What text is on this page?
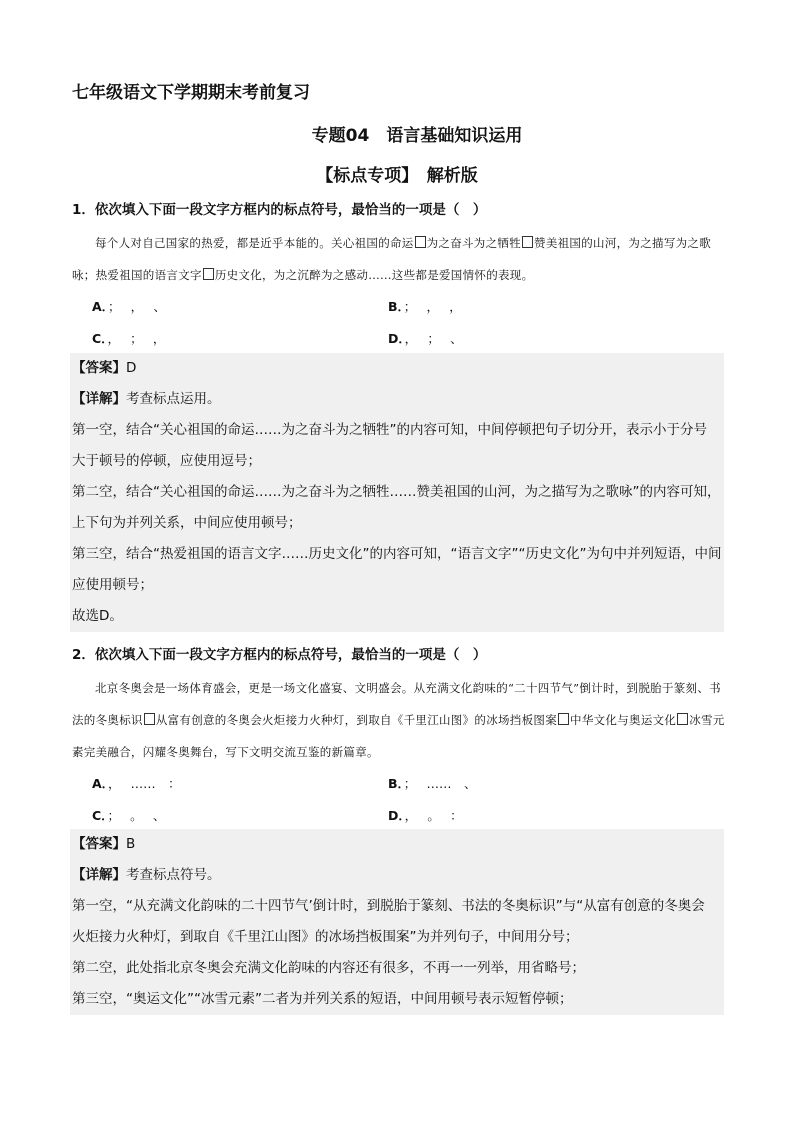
七年级语文下学期期末考前复习
专题04　语言基础知识运用
【标点专项】　解析版
1．依次填入下面一段文字方框内的标点符号，最恰当的一项是（　）
每个人对自己国家的热爱，都是近乎本能的。关心祖国的命运 为之奋斗为之牺牲 赞美祖国的山河，为之描写为之歌咏；热爱祖国的语言文字 历史文化，为之沉醉为之感动……这些都是爱国情怀的表现。
A．；　 ，　 、	B．；　 ，　 ，
C．，　 ；　 ，	D．，　 ；　 、
【答案】D
【详解】考查标点运用。
第一空，结合“关心祖国的命运……为之奋斗为之牺牲”的内容可知，中间停顿把句子切分开，表示小于分号
大于顿号的停顿，应使用逗号；
第二空，结合“关心祖国的命运……为之奋斗为之牺牲……赞美祖国的山河，为之描写为之歌咏”的内容可知，
上下句为并列关系，中间应使用顿号；
第三空，结合“热爱祖国的语言文字……历史文化”的内容可知，“语言文字”“历史文化”为句中并列短语，中间
应使用顿号；
故选D。
2．依次填入下面一段文字方框内的标点符号，最恰当的一项是（　）
北京冬奥会是一场体育盛会，更是一场文化盛宴、文明盛会。从充满文化韵味的“二十四节气”倒计时，到脱胎于篆刻、书法的冬奥标识 从富有创意的冬奥会火炬接力火种灯，到取自《千里江山图》的冰场挡板图案 中华文化与奥运文化 冰雪元素完美融合，闪耀冬奥舞台，写下文明交流互鉴的新篇章。
A．，　 ……　：	B．；　 ……　、
C．；　 。　 、	D．，　 。　 ：
【答案】B
【详解】考查标点符号。
第一空，“从充满文化韵味的二十四节气’倒计时，到脱胎于篆刻、书法的冬奥标识”与“从富有创意的冬奥会
火炬接力火种灯，到取自《千里江山图》的冰场挡板围案”为并列句子，中间用分号；
第二空，此处指北京冬奥会充满文化韵味的内容还有很多，不再一一列举，用省略号；
第三空，“奥运文化”“冰雪元素”二者为并列关系的短语，中间用顿号表示短暂停顿；
